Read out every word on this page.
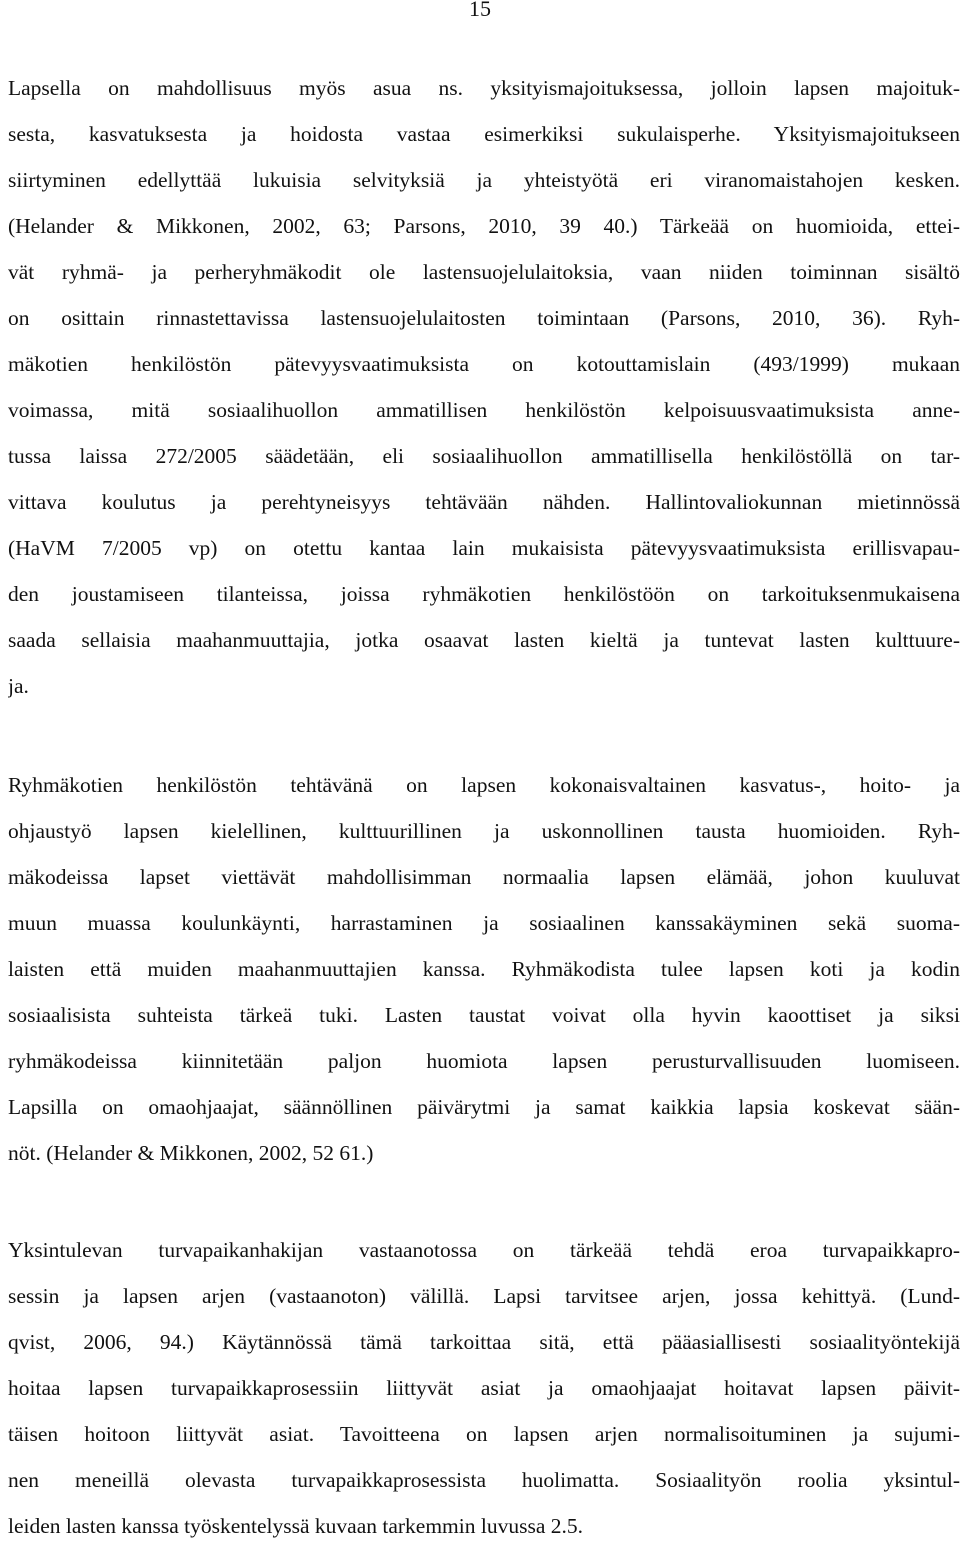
15
Lapsella on mahdollisuus myös asua ns. yksityismajoituksessa, jolloin lapsen majoituk-
sesta, kasvatuksesta ja hoidosta vastaa esimerkiksi sukulaisperhe. Yksityismajoitukseen
siirtyminen edellyttää lukuisia selvityksiä ja yhteistyötä eri viranomaistahojen kesken.
(Helander & Mikkonen, 2002, 63; Parsons, 2010, 39 40.) Tärkeää on huomioida, ettei-
vät ryhmä- ja perheryhmäkodit ole lastensuojelulaitoksia, vaan niiden toiminnan sisältö
on osittain rinnastettavissa lastensuojelulaitosten toimintaan (Parsons, 2010, 36). Ryh-
mäkotien henkilöstön pätevyysvaatimuksista on kotouttamislain (493/1999) mukaan
voimassa, mitä sosiaalihuollon ammatillisen henkilöstön kelpoisuusvaatimuksista anne-
tussa laissa 272/2005 säädetään, eli sosiaalihuollon ammatillisella henkilöstöllä on tar-
vittava koulutus ja perehtyneisyys tehtävään nähden. Hallintovaliokunnan mietinnössä
(HaVM 7/2005 vp) on otettu kantaa lain mukaisista pätevyysvaatimuksista erillisvapau-
den joustamiseen tilanteissa, joissa ryhmäkotien henkilöstöön on tarkoituksenmukaisena
saada sellaisia maahanmuuttajia, jotka osaavat lasten kieltä ja tuntevat lasten kulttuure-
ja.
Ryhmäkotien henkilöstön tehtävänä on lapsen kokonaisvaltainen kasvatus-, hoito- ja
ohjaustyö lapsen kielellinen, kulttuurillinen ja uskonnollinen tausta huomioiden. Ryh-
mäkodeissa lapset viettävät mahdollisimman normaalia lapsen elämää, johon kuuluvat
muun muassa koulunkäynti, harrastaminen ja sosiaalinen kanssakäyminen sekä suoma-
laisten että muiden maahanmuuttajien kanssa. Ryhmäkodista tulee lapsen koti ja kodin
sosiaalisista suhteista tärkeä tuki. Lasten taustat voivat olla hyvin kaoottiset ja siksi
ryhmäkodeissa kiinnitetään paljon huomiota lapsen perusturvallisuuden luomiseen.
Lapsilla on omaohjaajat, säännöllinen päivärytmi ja samat kaikkia lapsia koskevat sään-
nöt. (Helander & Mikkonen, 2002, 52 61.)
Yksintulevan turvapaikanhakijan vastaanotossa on tärkeää tehdä eroa turvapaikkapro-
sessin ja lapsen arjen (vastaanoton) välillä. Lapsi tarvitsee arjen, jossa kehittyä. (Lund-
qvist, 2006, 94.) Käytännössä tämä tarkoittaa sitä, että pääasiallisesti sosiaalityöntekijä
hoitaa lapsen turvapaikkaprosessiin liittyvät asiat ja omaohjaajat hoitavat lapsen päivit-
täisen hoitoon liittyvät asiat. Tavoitteena on lapsen arjen normalisoituminen ja sujumi-
nen meneillä olevasta turvapaikkaprosessista huolimatta. Sosiaalityön roolia yksintul-
leiden lasten kanssa työskentelyssä kuvaan tarkemmin luvussa 2.5.
